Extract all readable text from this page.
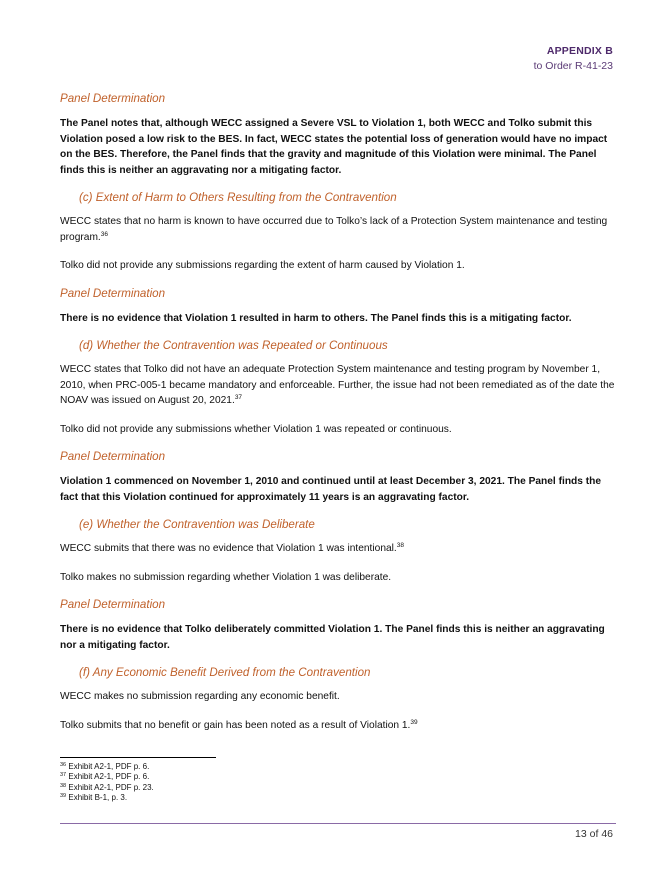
APPENDIX B
to Order R-41-23
Panel Determination
The Panel notes that, although WECC assigned a Severe VSL to Violation 1, both WECC and Tolko submit this Violation posed a low risk to the BES. In fact, WECC states the potential loss of generation would have no impact on the BES. Therefore, the Panel finds that the gravity and magnitude of this Violation were minimal. The Panel finds this is neither an aggravating nor a mitigating factor.
(c) Extent of Harm to Others Resulting from the Contravention
WECC states that no harm is known to have occurred due to Tolko’s lack of a Protection System maintenance and testing program.$^{36}$
Tolko did not provide any submissions regarding the extent of harm caused by Violation 1.
Panel Determination
There is no evidence that Violation 1 resulted in harm to others. The Panel finds this is a mitigating factor.
(d) Whether the Contravention was Repeated or Continuous
WECC states that Tolko did not have an adequate Protection System maintenance and testing program by November 1, 2010, when PRC-005-1 became mandatory and enforceable. Further, the issue had not been remediated as of the date the NOAV was issued on August 20, 2021.37
Tolko did not provide any submissions whether Violation 1 was repeated or continuous.
Panel Determination
Violation 1 commenced on November 1, 2010 and continued until at least December 3, 2021. The Panel finds the fact that this Violation continued for approximately 11 years is an aggravating factor.
(e) Whether the Contravention was Deliberate
WECC submits that there was no evidence that Violation 1 was intentional.$^{38}$
Tolko makes no submission regarding whether Violation 1 was deliberate.
Panel Determination
There is no evidence that Tolko deliberately committed Violation 1. The Panel finds this is neither an aggravating nor a mitigating factor.
(f) Any Economic Benefit Derived from the Contravention
WECC makes no submission regarding any economic benefit.
Tolko submits that no benefit or gain has been noted as a result of Violation 1.39
$^{36}$ Exhibit A2-1, PDF p. 6.
$^{37}$ Exhibit A2-1, PDF p. 6.
$^{38}$ Exhibit A2-1, PDF p. 23.
$^{39}$ Exhibit B-1, p. 3.
13 of 46
